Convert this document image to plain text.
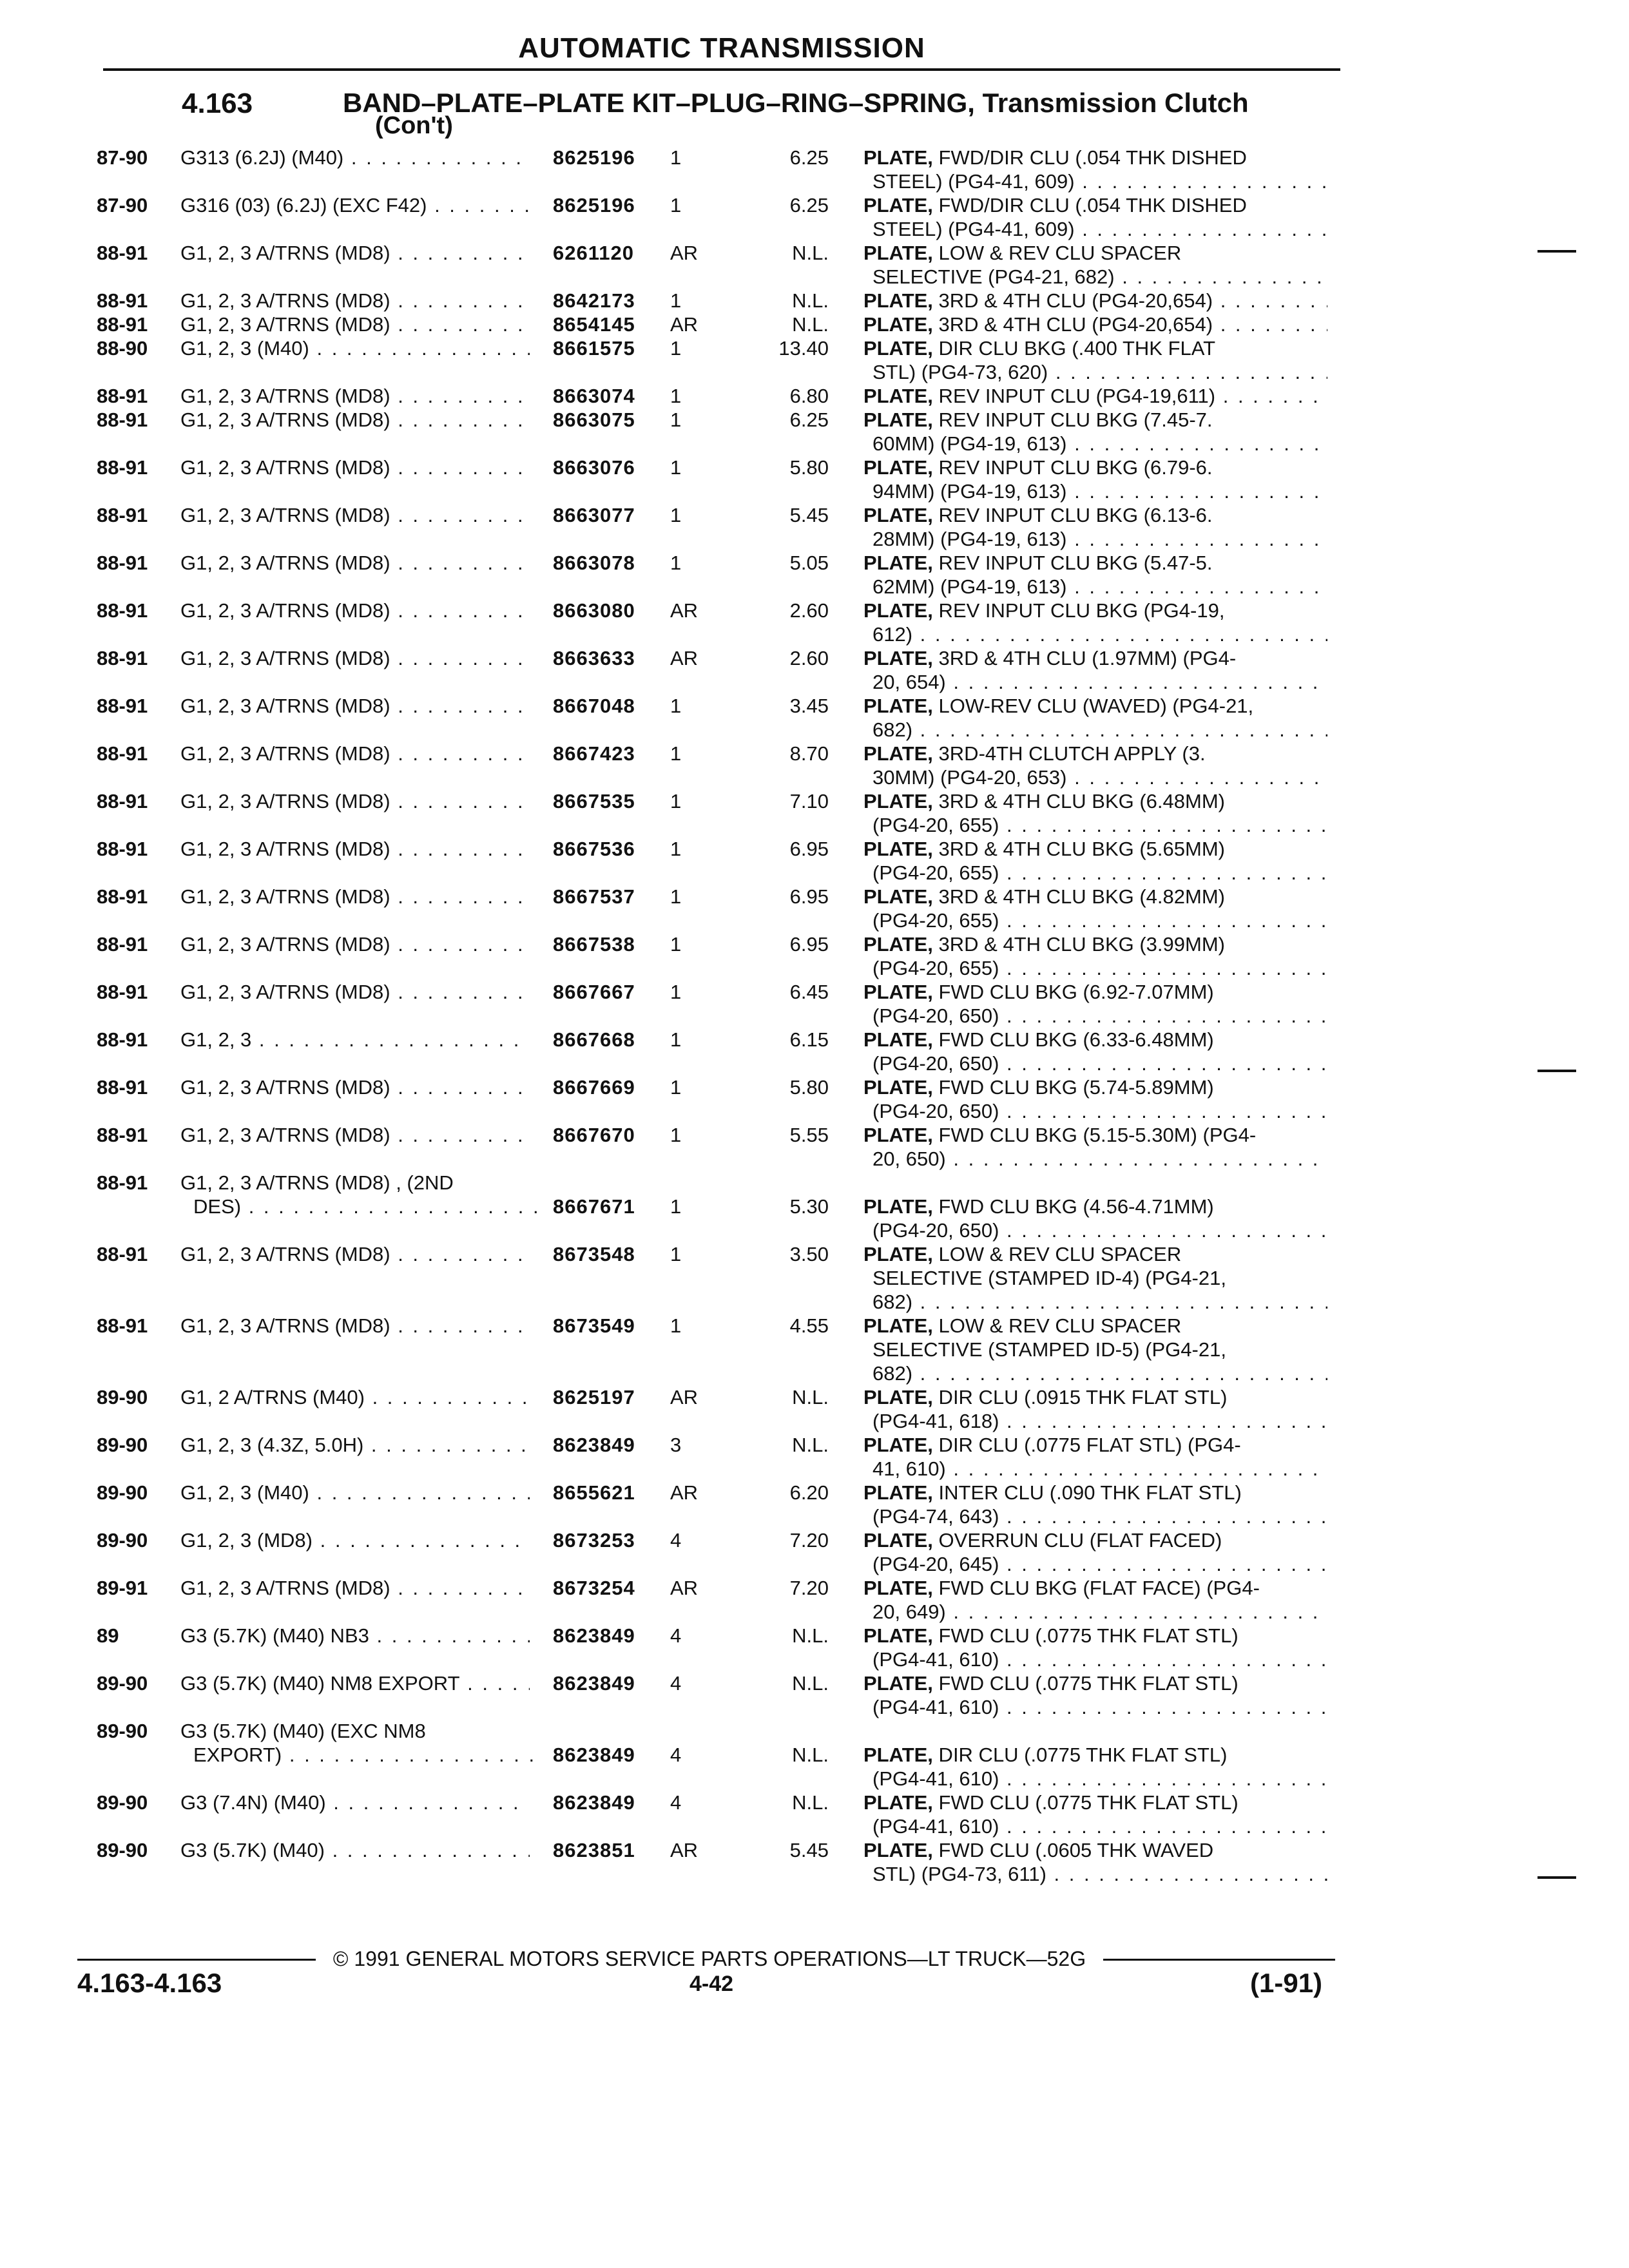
AUTOMATIC TRANSMISSION
4.163	BAND–PLATE–PLATE KIT–PLUG–RING–SPRING, Transmission Clutch
(Con't)
87-90	G313 (6.2J) (M40) . . .	8625196 1	6.25 PLATE, FWD/DIR CLU (.054 THK DISHED
STEEL) (PG4-41, 609) . . .
87-90	G316 (03) (6.2J) (EXC F42) . . .	8625196 1	6.25 PLATE, FWD/DIR CLU (.054 THK DISHED
STEEL) (PG4-41, 609) . . .
88-91	G1, 2, 3 A/TRNS (MD8) . . .	6261120 AR	N.L. PLATE, LOW & REV CLU SPACER
SELECTIVE (PG4-21, 682) . . .
88-91	G1, 2, 3 A/TRNS (MD8) . . .	8642173 1	N.L. PLATE, 3RD & 4TH CLU (PG4-20,654) . . .
88-91	G1, 2, 3 A/TRNS (MD8) . . .	8654145 AR	N.L. PLATE, 3RD & 4TH CLU (PG4-20,654) . . .
88-90	G1, 2, 3 (M40) . . .	8661575 1	13.40 PLATE, DIR CLU BKG (.400 THK FLAT
STL) (PG4-73, 620) . . .
88-91	G1, 2, 3 A/TRNS (MD8) . . .	8663074 1	6.80 PLATE, REV INPUT CLU (PG4-19,611) . . .
88-91	G1, 2, 3 A/TRNS (MD8) . . .	8663075 1	6.25 PLATE, REV INPUT CLU BKG (7.45-7.
60MM) (PG4-19, 613) . . .
88-91	G1, 2, 3 A/TRNS (MD8) . . .	8663076 1	5.80 PLATE, REV INPUT CLU BKG (6.79-6.
94MM) (PG4-19, 613) . . .
88-91	G1, 2, 3 A/TRNS (MD8) . . .	8663077 1	5.45 PLATE, REV INPUT CLU BKG (6.13-6.
28MM) (PG4-19, 613) . . .
88-91	G1, 2, 3 A/TRNS (MD8) . . .	8663078 1	5.05 PLATE, REV INPUT CLU BKG (5.47-5.
62MM) (PG4-19, 613) . . .
88-91	G1, 2, 3 A/TRNS (MD8) . . .	8663080 AR	2.60 PLATE, REV INPUT CLU BKG (PG4-19,
612) . . .
88-91	G1, 2, 3 A/TRNS (MD8) . . .	8663633 AR	2.60 PLATE, 3RD & 4TH CLU (1.97MM) (PG4-
20, 654) . . .
88-91	G1, 2, 3 A/TRNS (MD8) . . .	8667048 1	3.45 PLATE, LOW-REV CLU (WAVED) (PG4-21,
682) . . .
88-91	G1, 2, 3 A/TRNS (MD8) . . .	8667423 1	8.70 PLATE, 3RD-4TH CLUTCH APPLY (3.
30MM) (PG4-20, 653) . . .
88-91	G1, 2, 3 A/TRNS (MD8) . . .	8667535 1	7.10 PLATE, 3RD & 4TH CLU BKG (6.48MM)
(PG4-20, 655) . . .
88-91	G1, 2, 3 A/TRNS (MD8) . . .	8667536 1	6.95 PLATE, 3RD & 4TH CLU BKG (5.65MM)
(PG4-20, 655) . . .
88-91	G1, 2, 3 A/TRNS (MD8) . . .	8667537 1	6.95 PLATE, 3RD & 4TH CLU BKG (4.82MM)
(PG4-20, 655) . . .
88-91	G1, 2, 3 A/TRNS (MD8) . . .	8667538 1	6.95 PLATE, 3RD & 4TH CLU BKG (3.99MM)
(PG4-20, 655) . . .
88-91	G1, 2, 3 A/TRNS (MD8) . . .	8667667 1	6.45 PLATE, FWD CLU BKG (6.92-7.07MM)
(PG4-20, 650) . . .
88-91	G1, 2, 3 . . .	8667668 1	6.15 PLATE, FWD CLU BKG (6.33-6.48MM)
(PG4-20, 650) . . .
88-91	G1, 2, 3 A/TRNS (MD8) . . .	8667669 1	5.80 PLATE, FWD CLU BKG (5.74-5.89MM)
(PG4-20, 650) . . .
88-91	G1, 2, 3 A/TRNS (MD8) . . .	8667670 1	5.55 PLATE, FWD CLU BKG (5.15-5.30M) (PG4-
20, 650) . . .
88-91	G1, 2, 3 A/TRNS (MD8) , (2ND
DES) . . .	8667671 1	5.30 PLATE, FWD CLU BKG (4.56-4.71MM)
(PG4-20, 650) . . .
88-91	G1, 2, 3 A/TRNS (MD8) . . .	8673548 1	3.50 PLATE, LOW & REV CLU SPACER
SELECTIVE (STAMPED ID-4) (PG4-21,
682) . . .
88-91	G1, 2, 3 A/TRNS (MD8) . . .	8673549 1	4.55 PLATE, LOW & REV CLU SPACER
SELECTIVE (STAMPED ID-5) (PG4-21,
682) . . .
89-90	G1, 2 A/TRNS (M40) . . .	8625197 AR	N.L. PLATE, DIR CLU (.0915 THK FLAT STL)
(PG4-41, 618) . . .
89-90	G1, 2, 3 (4.3Z, 5.0H) . . .	8623849 3	N.L. PLATE, DIR CLU (.0775 FLAT STL) (PG4-
41, 610) . . .
89-90	G1, 2, 3 (M40) . . .	8655621 AR	6.20 PLATE, INTER CLU (.090 THK FLAT STL)
(PG4-74, 643) . . .
89-90	G1, 2, 3 (MD8) . . .	8673253 4	7.20 PLATE, OVERRUN CLU (FLAT FACED)
(PG4-20, 645) . . .
89-91	G1, 2, 3 A/TRNS (MD8) . . .	8673254 AR	7.20 PLATE, FWD CLU BKG (FLAT FACE) (PG4-
20, 649) . . .
89	G3 (5.7K) (M40) NB3 . . .	8623849 4	N.L. PLATE, FWD CLU (.0775 THK FLAT STL)
(PG4-41, 610) . . .
89-90	G3 (5.7K) (M40) NM8 EXPORT . . .	8623849 4	N.L. PLATE, FWD CLU (.0775 THK FLAT STL)
(PG4-41, 610) . . .
89-90	G3 (5.7K) (M40) (EXC NM8
EXPORT) . . .	8623849 4	N.L. PLATE, DIR CLU (.0775 THK FLAT STL)
(PG4-41, 610) . . .
89-90	G3 (7.4N) (M40) . . .	8623849 4	N.L. PLATE, FWD CLU (.0775 THK FLAT STL)
(PG4-41, 610) . . .
89-90	G3 (5.7K) (M40) . . .	8623851 AR	5.45 PLATE, FWD CLU (.0605 THK WAVED
STL) (PG4-73, 611) . . .
© 1991 GENERAL MOTORS SERVICE PARTS OPERATIONS—LT TRUCK—52G
4.163-4.163	4-42	(1-91)
